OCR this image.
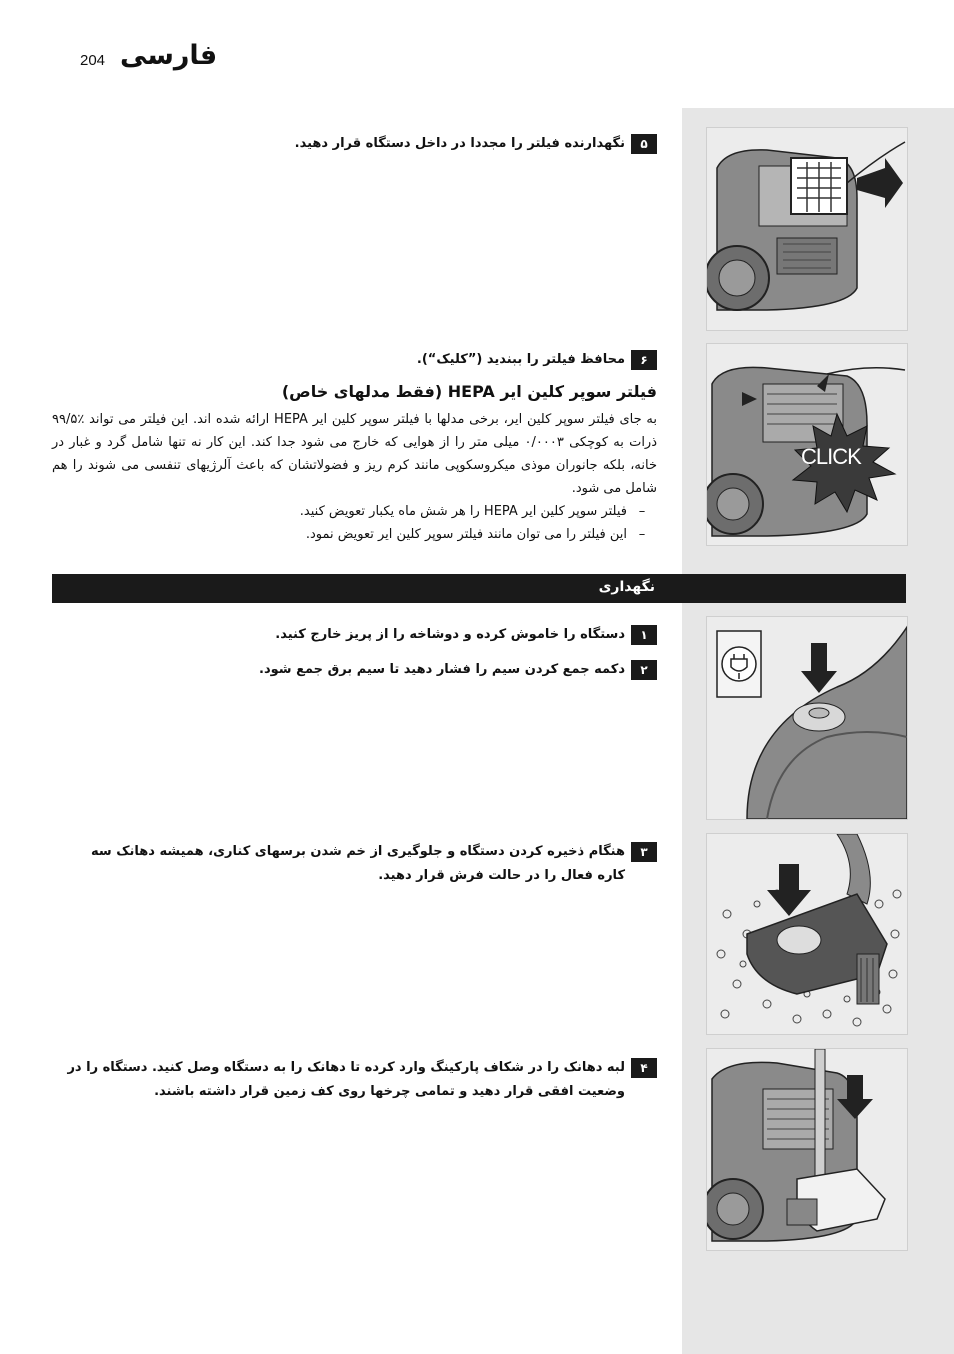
204 فارسی
۵نگهدارنده فیلتر را مجددا در داخل دستگاه قرار دهید.
۶محافظ فیلتر را ببندید (”کلیک“).
فیلتر سوپر کلین ایر HEPA (فقط مدلهای خاص)
به جای فیلتر سوپر کلین ایر، برخی مدلها با فیلتر سوپر کلین ایر HEPA ارائه شده اند. این فیلتر می تواند ٪۹۹/۵ ذرات به کوچکی ۰/۰۰۰۳ میلی متر را از هوایی که خارج می شود جدا کند. این کار نه تنها شامل گرد و غبار در خانه، بلکه جانوران موذی میکروسکوپی مانند کرم ریز و فضولاتشان که باعث آلرژیهای تنفسی می شوند را هم شامل می شود.
–فیلتر سوپر کلین ایر HEPA را هر شش ماه یکبار تعویض کنید.
–این فیلتر را می توان مانند فیلتر سوپر کلین ایر تعویض نمود.
نگهداری
۱دستگاه را خاموش کرده و دوشاخه را از پریز خارج کنید.
۲دکمه جمع کردن سیم را فشار دهید تا سیم برق جمع شود.
۳
هنگام ذخیره کردن دستگاه و جلوگیری از خم شدن برسهای کناری، همیشه دهانک سه کاره فعال را در حالت فرش قرار دهید.
۴
لبه دهانک را در شکاف پارکینگ وارد کرده تا دهانک را به دستگاه وصل کنید. دستگاه را در وضعیت افقی قرار دهید و تمامی چرخها روی کف زمین قرار داشته باشند.
CLICK
